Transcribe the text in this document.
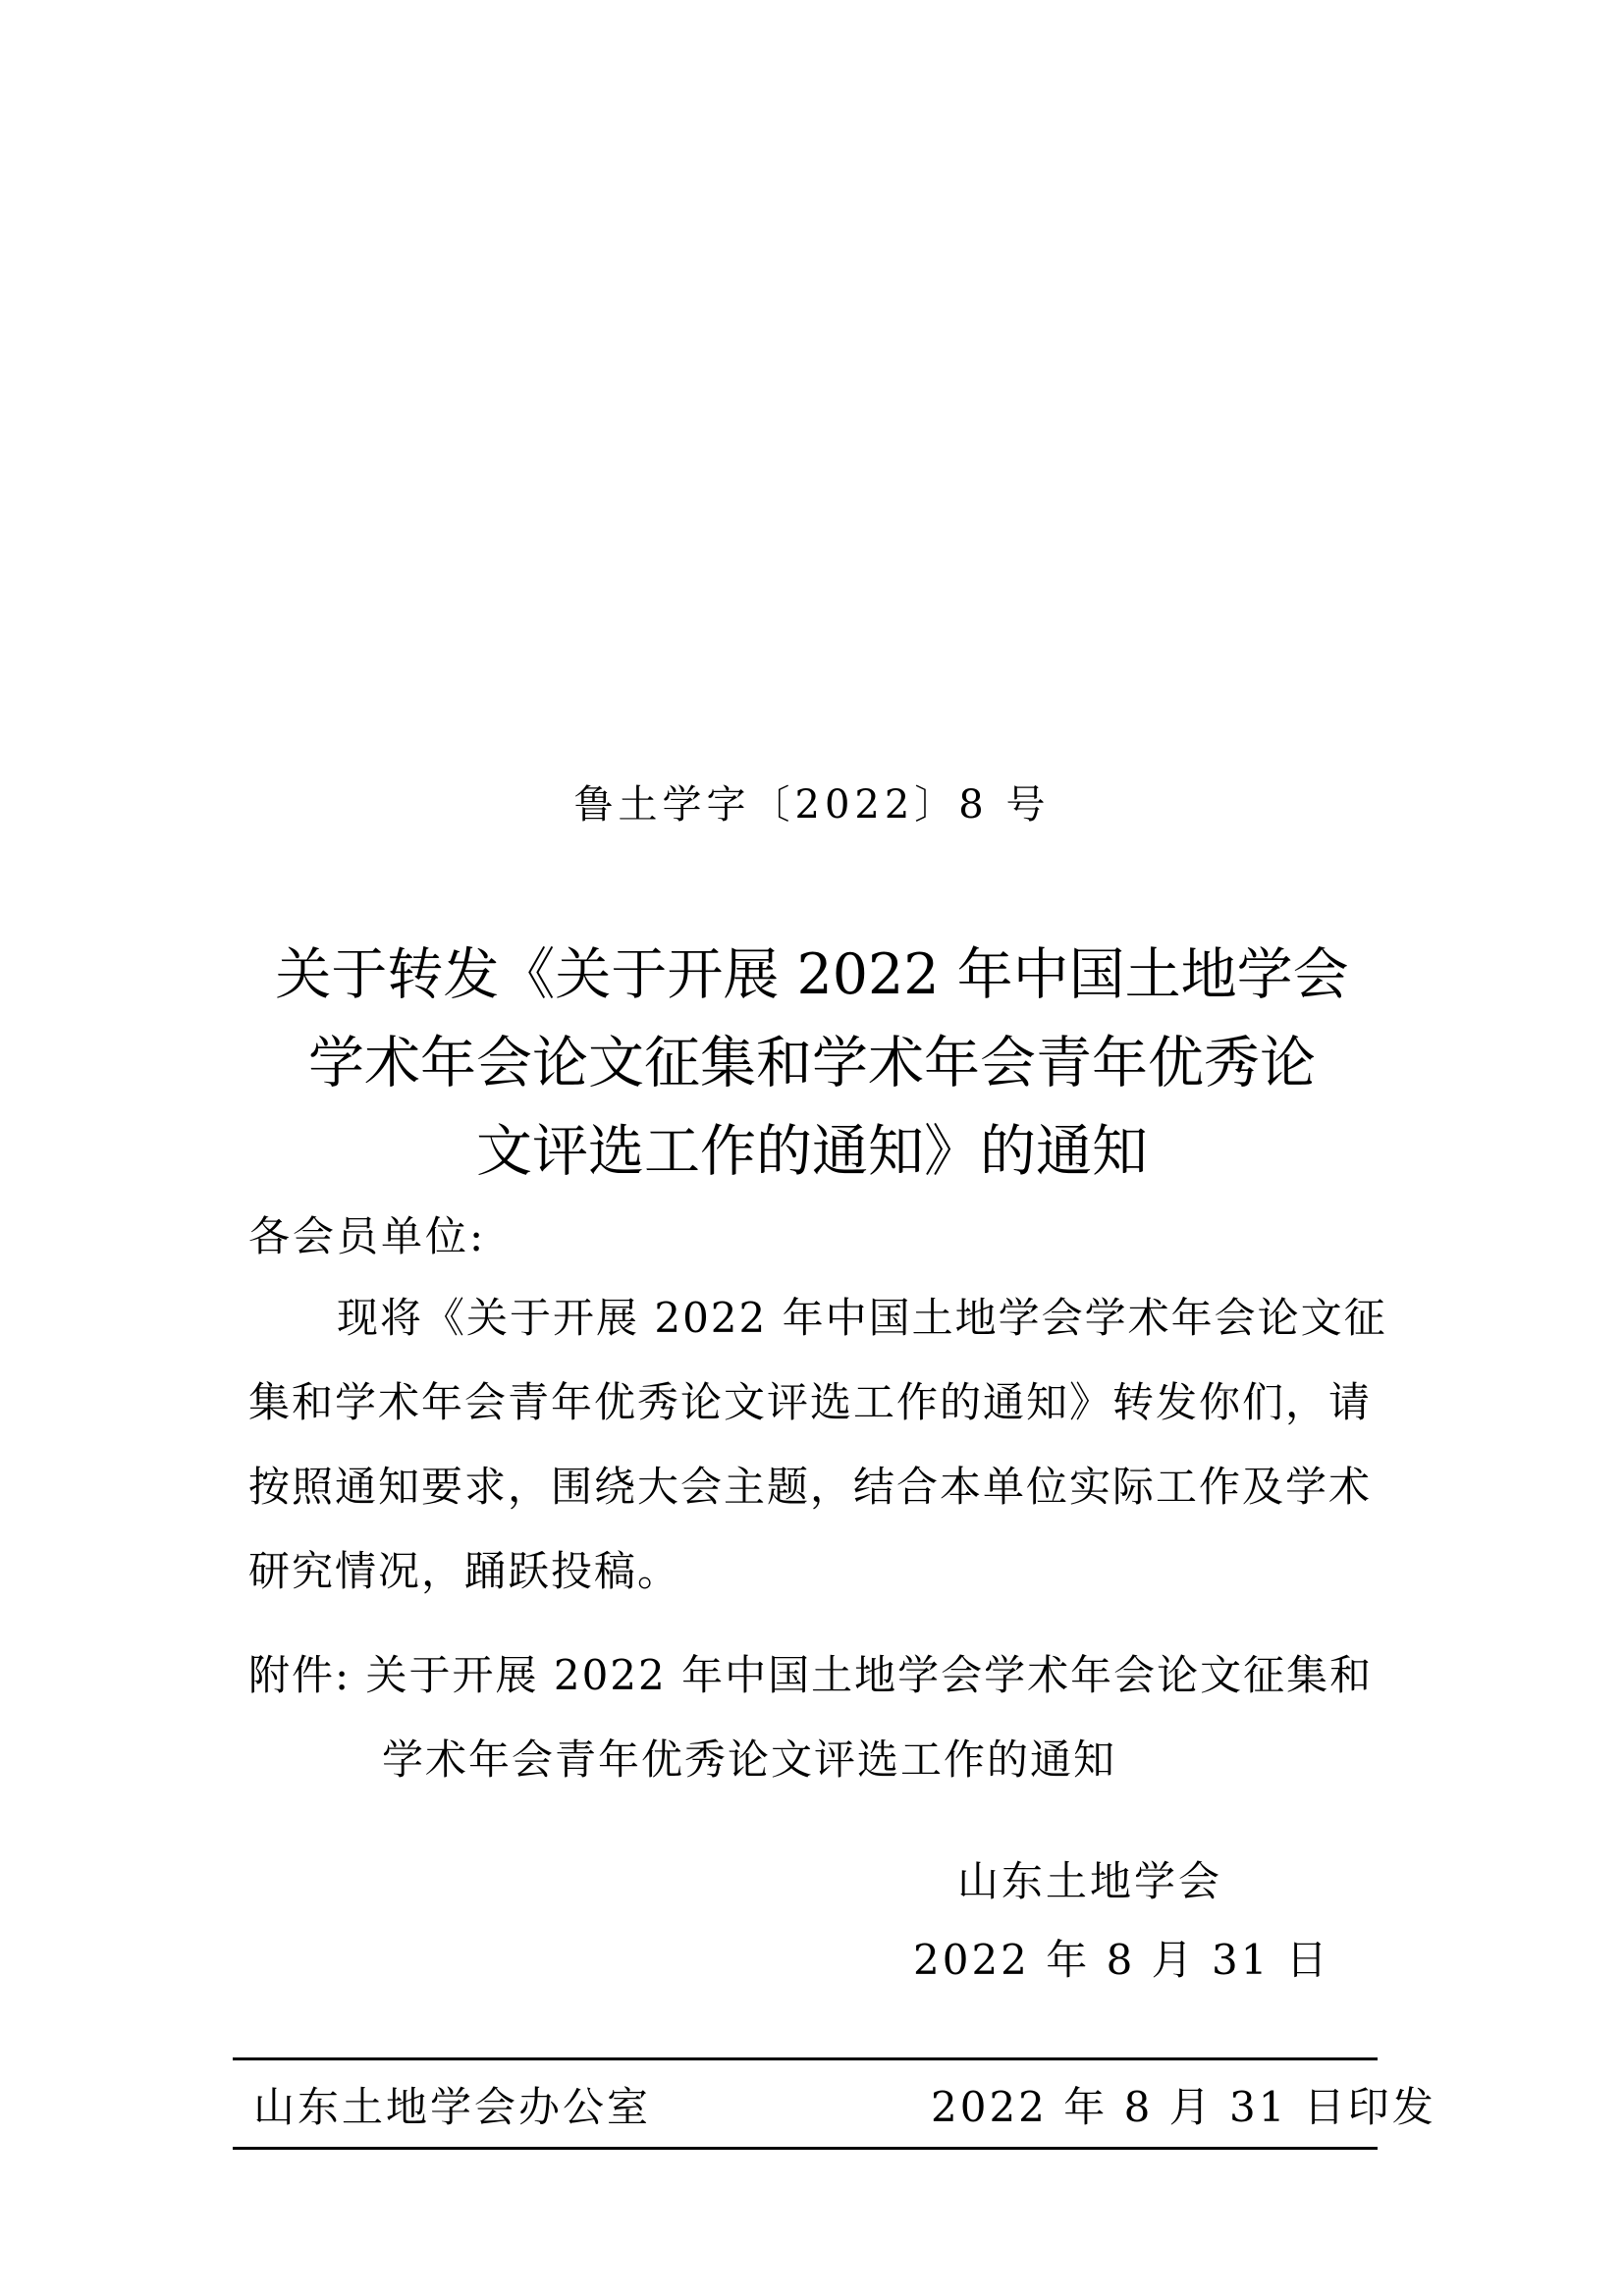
鲁土学字〔2022〕8 号
关于转发《关于开展 2022 年中国土地学会
学术年会论文征集和学术年会青年优秀论
文评选工作的通知》的通知
各会员单位:
现将《关于开展 2022 年中国土地学会学术年会论文征
集和学术年会青年优秀论文评选工作的通知》转发你们，请
按照通知要求，围绕大会主题，结合本单位实际工作及学术
研究情况，踊跃投稿。
附件: 关于开展 2022 年中国土地学会学术年会论文征集和
学术年会青年优秀论文评选工作的通知
山东土地学会
2022 年 8 月 31 日
山东土地学会办公室	2022 年 8 月 31 日印发
